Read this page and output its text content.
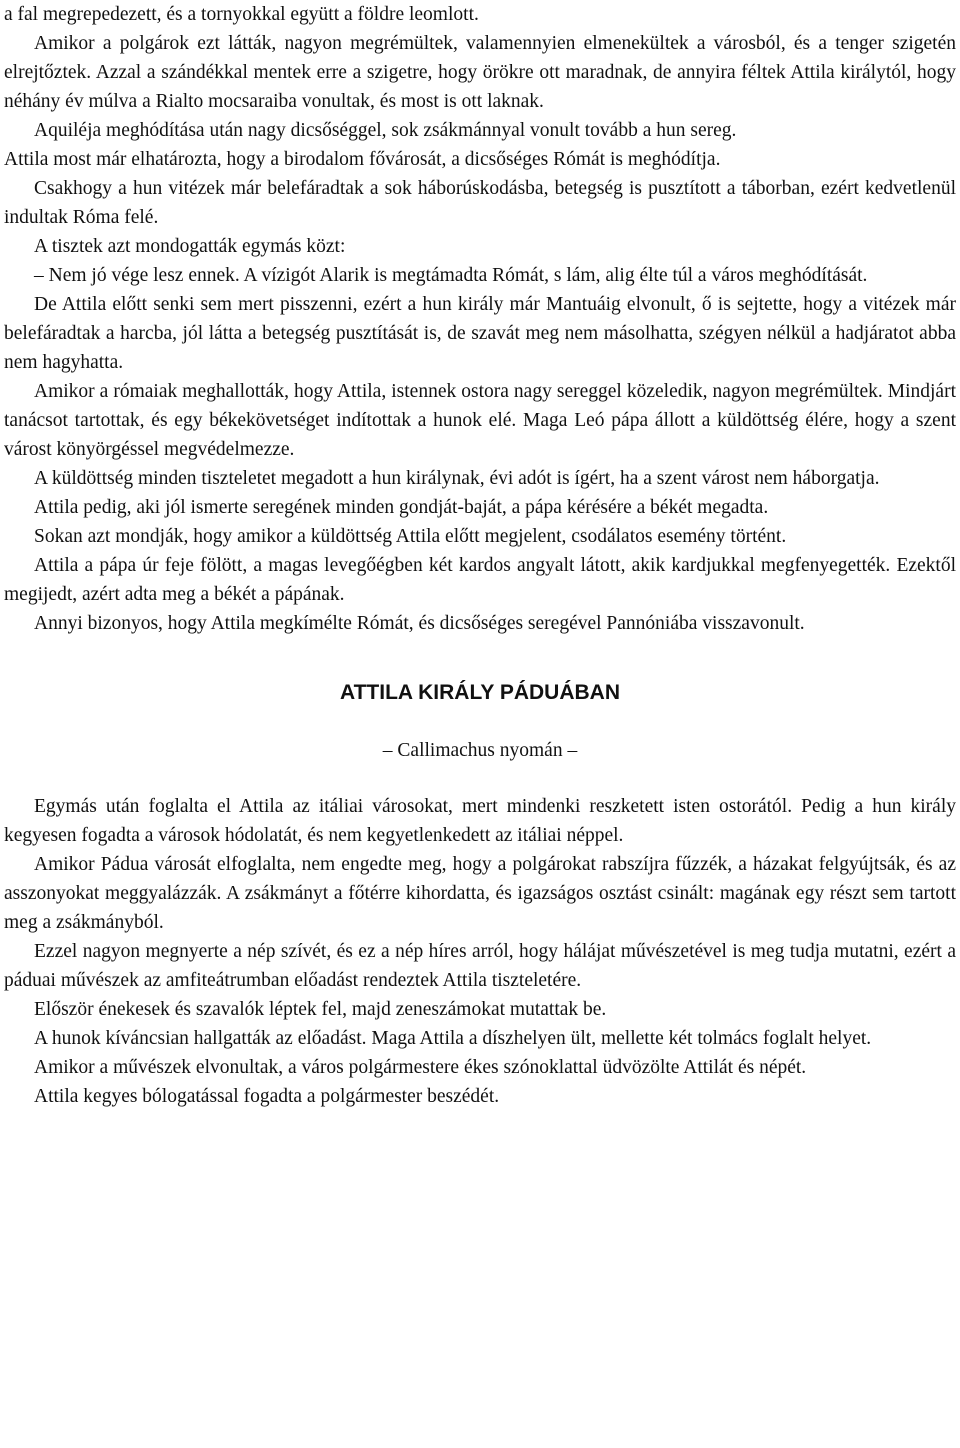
a fal megrepedezett, és a tornyokkal együtt a földre leomlott.

Amikor a polgárok ezt látták, nagyon megrémültek, valamennyien elmenekültek a városból, és a tenger szigetén elrejtőztek. Azzal a szándékkal mentek erre a szigetre, hogy örökre ott maradnak, de annyira féltek Attila királytól, hogy néhány év múlva a Rialto mocsaraiba vonultak, és most is ott laknak.

Aquiléja meghódítása után nagy dicsőséggel, sok zsákmánnyal vonult tovább a hun sereg.

Attila most már elhatározta, hogy a birodalom fővárosát, a dicsőséges Rómát is meghódítja.

Csakhogy a hun vitézek már belefáradtak a sok háborúskodásba, betegség is pusztított a táborban, ezért kedvetlenül indultak Róma felé.

A tisztek azt mondogatták egymás közt:

– Nem jó vége lesz ennek. A vízigót Alarik is megtámadta Rómát, s lám, alig élte túl a város meghódítását.

De Attila előtt senki sem mert pisszenni, ezért a hun király már Mantuáig elvonult, ő is sejtette, hogy a vitézek már belefáradtak a harcba, jól látta a betegség pusztítását is, de szavát meg nem másolhatta, szégyen nélkül a hadjáratot abba nem hagyhatta.

Amikor a rómaiak meghallották, hogy Attila, istennek ostora nagy sereggel közeledik, nagyon megrémültek. Mindjárt tanácsot tartottak, és egy békekövetséget indítottak a hunok elé. Maga Leó pápa állott a küldöttség élére, hogy a szent várost könyörgéssel megvédelmezze.

A küldöttség minden tiszteletet megadott a hun királynak, évi adót is ígért, ha a szent várost nem háborgatja.

Attila pedig, aki jól ismerte seregének minden gondját-baját, a pápa kérésére a békét megadta.

Sokan azt mondják, hogy amikor a küldöttség Attila előtt megjelent, csodálatos esemény történt.

Attila a pápa úr feje fölött, a magas levegőégben két kardos angyalt látott, akik kardjukkal megfenyegették. Ezektől megijedt, azért adta meg a békét a pápának.

Annyi bizonyos, hogy Attila megkímélte Rómát, és dicsőséges seregével Pannóniába visszavonult.

ATTILA KIRÁLY PÁDUÁBAN

– Callimachus nyomán –

Egymás után foglalta el Attila az itáliai városokat, mert mindenki reszketett isten ostorától. Pedig a hun király kegyesen fogadta a városok hódolatát, és nem kegyetlenkedett az itáliai néppel.

Amikor Pádua városát elfoglalta, nem engedte meg, hogy a polgárokat rabszíjra fűzzék, a házakat felgyújtsák, és az asszonyokat meggyalázzák. A zsákmányt a főtérre kihordatta, és igazságos osztást csinált: magának egy részt sem tartott meg a zsákmányból.

Ezzel nagyon megnyerte a nép szívét, és ez a nép híres arról, hogy hálájat művészetével is meg tudja mutatni, ezért a páduai művészek az amfiteátrumban előadást rendeztek Attila tiszteletére.

Először énekesek és szavalók léptek fel, majd zeneszámokat mutattak be.

A hunok kíváncsian hallgatták az előadást. Maga Attila a díszhelyen ült, mellette két tolmács foglalt helyet.

Amikor a művészek elvonultak, a város polgármestere ékes szónoklattal üdvözölte Attilát és népét.

Attila kegyes bólogatással fogadta a polgármester beszédét.
